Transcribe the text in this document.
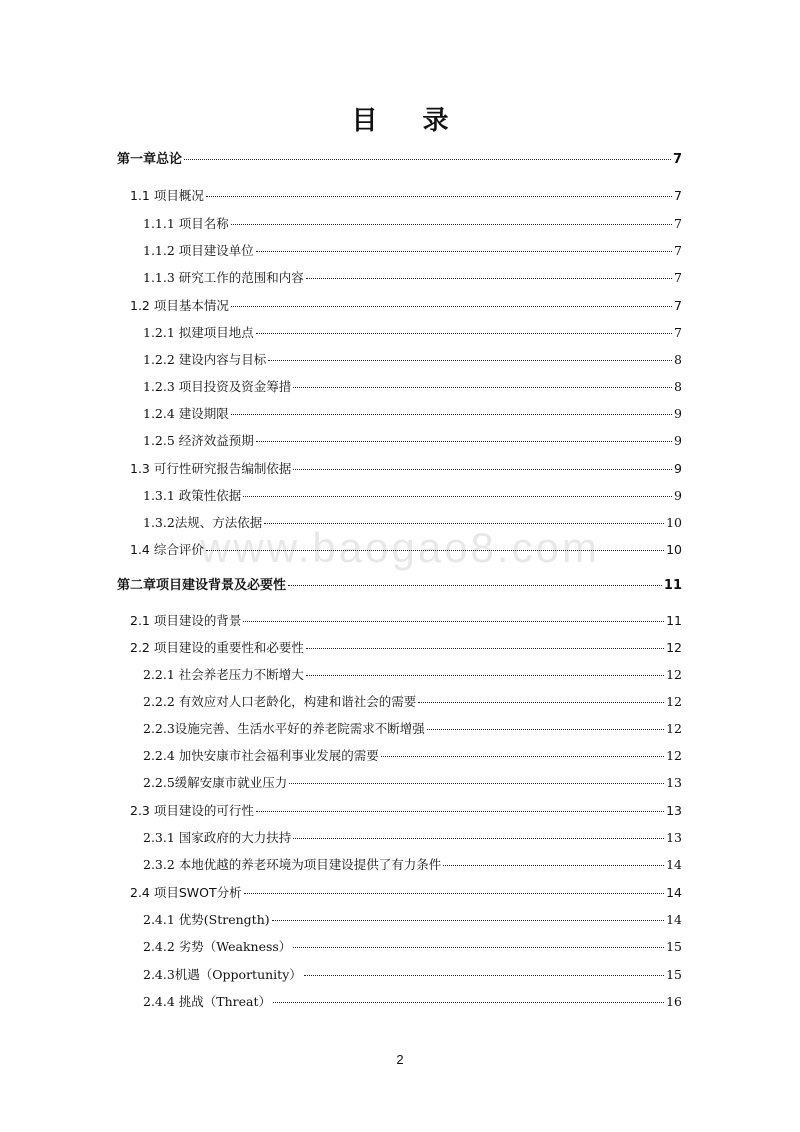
目 录
www.baogao8.com
第一章总论	7
1.1 项目概况	7
1.1.1 项目名称	7
1.1.2 项目建设单位	7
1.1.3 研究工作的范围和内容	7
1.2 项目基本情况	7
1.2.1 拟建项目地点	7
1.2.2 建设内容与目标	8
1.2.3 项目投资及资金筹措	8
1.2.4 建设期限	9
1.2.5 经济效益预期	9
1.3 可行性研究报告编制依据	9
1.3.1 政策性依据	9
1.3.2法规、方法依据	10
1.4 综合评价	10
第二章项目建设背景及必要性	11
2.1 项目建设的背景	11
2.2 项目建设的重要性和必要性	12
2.2.1 社会养老压力不断增大	12
2.2.2 有效应对人口老龄化，构建和谐社会的需要	12
2.2.3设施完善、生活水平好的养老院需求不断增强	12
2.2.4 加快安康市社会福利事业发展的需要	12
2.2.5缓解安康市就业压力	13
2.3 项目建设的可行性	13
2.3.1 国家政府的大力扶持	13
2.3.2 本地优越的养老环境为项目建设提供了有力条件	14
2.4 项目SWOT分析	14
2.4.1 优势(Strength)	14
2.4.2 劣势（Weakness）	15
2.4.3机遇（Opportunity）	15
2.4.4 挑战（Threat）	16
2
